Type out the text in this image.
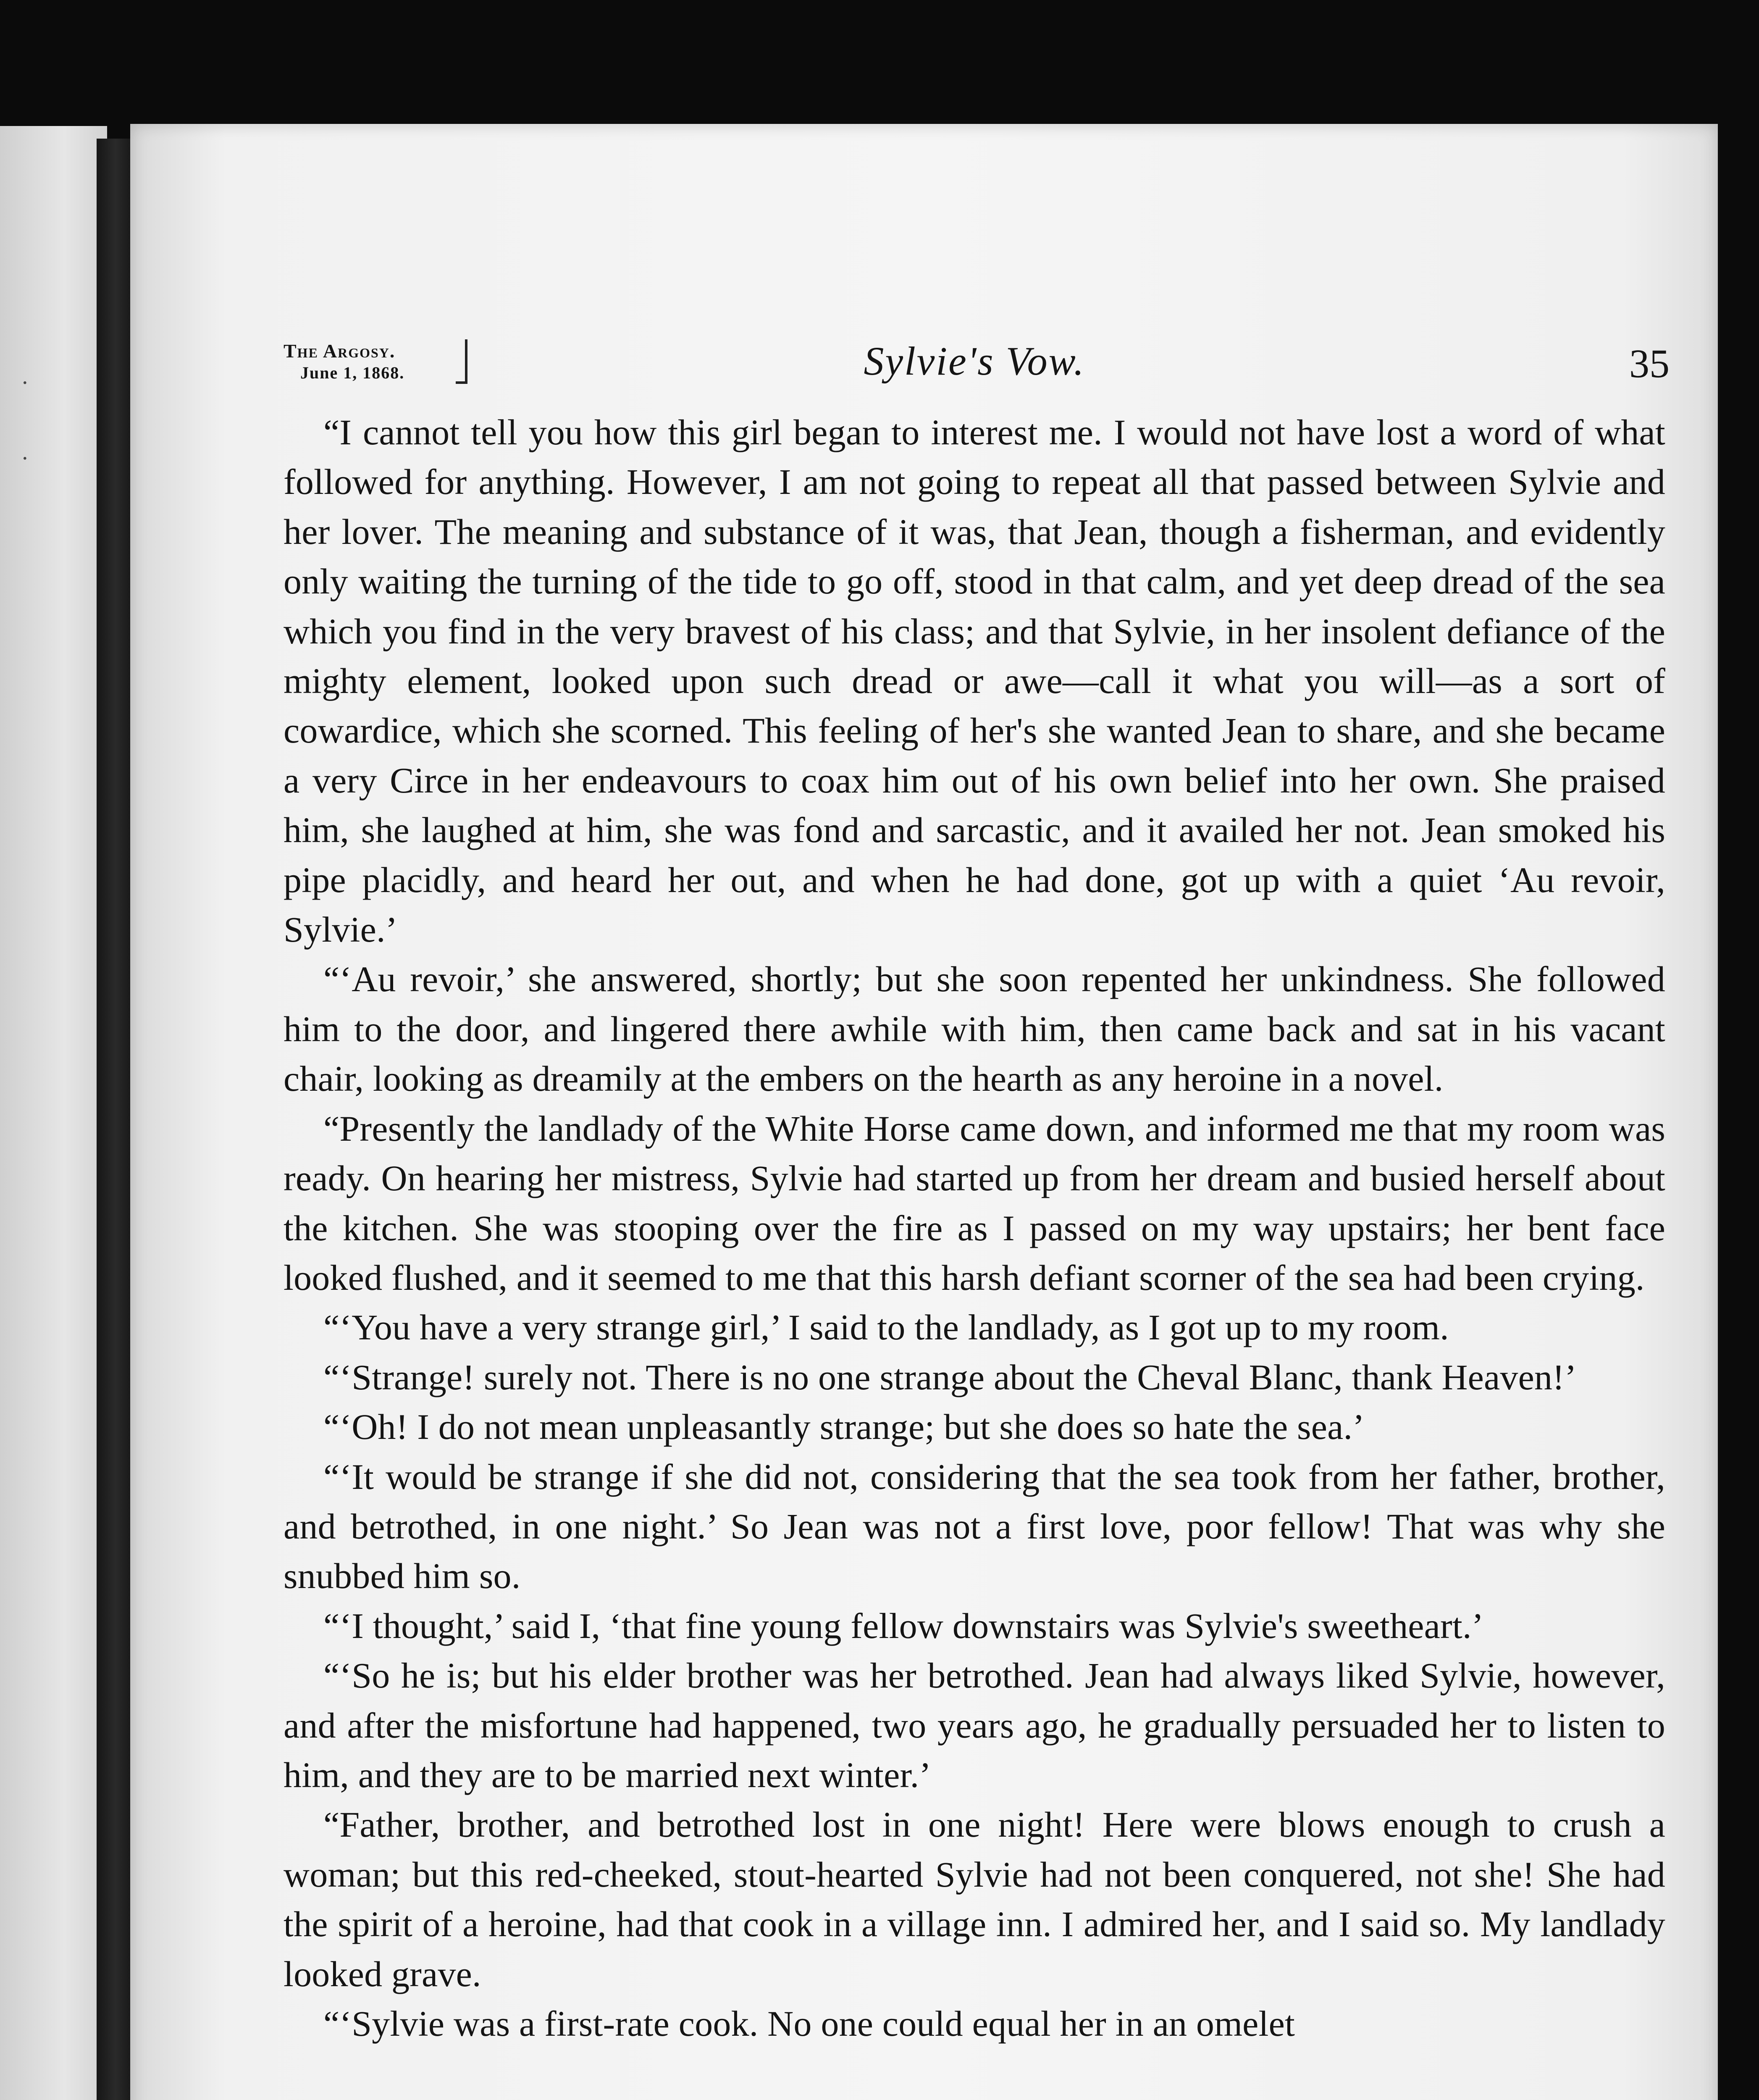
·
·
The Argosy.
June 1, 1868.	Sylvie's Vow.	35

“I cannot tell you how this girl began to interest me. I would not have lost a word of what followed for anything. However, I am not going to repeat all that passed between Sylvie and her lover. The meaning and substance of it was, that Jean, though a fisherman, and evidently only waiting the turning of the tide to go off, stood in that calm, and yet deep dread of the sea which you find in the very bravest of his class; and that Sylvie, in her insolent defiance of the mighty element, looked upon such dread or awe—call it what you will—as a sort of cowardice, which she scorned. This feeling of her's she wanted Jean to share, and she became a very Circe in her endeavours to coax him out of his own belief into her own. She praised him, she laughed at him, she was fond and sarcastic, and it availed her not. Jean smoked his pipe placidly, and heard her out, and when he had done, got up with a quiet ‘Au revoir, Sylvie.’

“‘Au revoir,’ she answered, shortly; but she soon repented her unkindness. She followed him to the door, and lingered there awhile with him, then came back and sat in his vacant chair, looking as dreamily at the embers on the hearth as any heroine in a novel.

“Presently the landlady of the White Horse came down, and informed me that my room was ready. On hearing her mistress, Sylvie had started up from her dream and busied herself about the kitchen. She was stooping over the fire as I passed on my way upstairs; her bent face looked flushed, and it seemed to me that this harsh defiant scorner of the sea had been crying.

“‘You have a very strange girl,’ I said to the landlady, as I got up to my room.

“‘Strange! surely not. There is no one strange about the Cheval Blanc, thank Heaven!’

“‘Oh! I do not mean unpleasantly strange; but she does so hate the sea.’

“‘It would be strange if she did not, considering that the sea took from her father, brother, and betrothed, in one night.’ So Jean was not a first love, poor fellow! That was why she snubbed him so.

“‘I thought,’ said I, ‘that fine young fellow downstairs was Sylvie's sweetheart.’

“‘So he is; but his elder brother was her betrothed. Jean had always liked Sylvie, however, and after the misfortune had happened, two years ago, he gradually persuaded her to listen to him, and they are to be married next winter.’

“Father, brother, and betrothed lost in one night! Here were blows enough to crush a woman; but this red-cheeked, stout-hearted Sylvie had not been conquered, not she! She had the spirit of a heroine, had that cook in a village inn. I admired her, and I said so. My landlady looked grave.

“‘Sylvie was a first-rate cook. No one could equal her in an omelet
